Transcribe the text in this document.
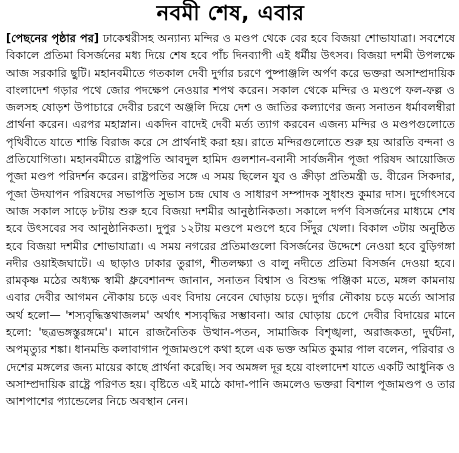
নবমী শেষ, এবার

[পেছনের পৃষ্ঠার পর] ঢাকেশ্বরীসহ অন্যান্য মন্দির ও মণ্ডপ থেকে বের হবে বিজয়া শোভাযাত্রা। সবশেষে বিকালে প্রতিমা বিসর্জনের মধ্য দিয়ে শেষ হবে পাঁচ দিনব্যাপী এই ধর্মীয় উৎসব। বিজয়া দশমী উপলক্ষে আজ সরকারি ছুটি। মহানবমীতে গতকাল দেবী দুর্গার চরণে পুষ্পাঞ্জলি অর্পণ করে ভক্তরা অসাম্প্রদায়িক বাংলাদেশ গড়ার পথে জোর পদক্ষেপ নেওয়ার শপথ করেন। সকাল থেকে মন্দির ও মণ্ডপে ফল-ফল্ল ও জলসহ ষোড়শ উপাচারে দেবীর চরণে অঞ্জলি দিয়ে দেশ ও জাতির কল্যাণের জন্য সনাতন ধর্মাবলম্বীরা প্রার্থনা করেন। এরপর মহাস্নান। একদিন বাদেই দেবী মর্ত্য ত্যাগ করবেন এজন্য মন্দির ও মণ্ডপগুলোতে পৃথিবীতে যাতে শান্তি বিরাজ করে সে প্রার্থনাই করা হয়। রাতে মন্দিরগুলোতে শুরু হয় আরতি বন্দনা ও প্রতিযোগিতা। মহানবমীতে রাষ্ট্রপতি আবদুল হামিদ গুলশান-বনানী সার্বজনীন পূজা পরিষদ আয়োজিত পূজা মণ্ডপ পরিদর্শন করেন। রাষ্ট্রপতির সঙ্গে এ সময় ছিলেন যুব ও ক্রীড়া প্রতিমন্ত্রী ড. বীরেন সিকদার, পূজা উদযাপন পরিষদের সভাপতি সুভাস চন্দ্র ঘোষ ও সাধারণ সম্পাদক সুধাংশু কুমার দাস। দুর্গোৎসবে আজ সকাল সাড়ে ৮টায় শুরু হবে বিজয়া দশমীর আনুষ্ঠানিকতা। সকালে দর্পণ বিসর্জনের মাধ্যমে শেষ হবে উৎসবের সব আনুষ্ঠানিকতা। দুপুর ১২টায় মণ্ডপে মণ্ডপে হবে সিঁদুর খেলা। বিকাল ৩টায় অনুষ্ঠিত হবে বিজয়া দশমীর শোভাযাত্রা। এ সময় নগরের প্রতিমাগুলো বিসর্জনের উদ্দেশে নেওয়া হবে বুড়িগঙ্গা নদীর ওয়াইজঘাটে। এ ছাড়াও ঢাকার তুরাগ, শীতলক্ষ্যা ও বালু নদীতে প্রতিমা বিসর্জন দেওয়া হবে। রামকৃষ্ণ মঠের অধ্যক্ষ স্বামী ধ্রুবেশানন্দ জানান, সনাতন বিশ্বাস ও বিশুদ্ধ পঞ্জিকা মতে, মঙ্গল কামনায় এবার দেবীর আগমন নৌকায় চড়ে এবং বিদায় নেবেন ঘোড়ায় চড়ে। দুর্গার নৌকায় চড়ে মর্ত্যে আসার অর্থ হলো— 'শস্যবৃদ্ধিস্তথাজলম' অর্থাৎ শস্যবৃদ্ধির সম্ভাবনা। আর ঘোড়ায় চেপে দেবীর বিদায়ের মানে হলো: 'ছত্রভঙ্গস্তুরঙ্গমে'। মানে রাজনৈতিক উত্থান-পতন, সামাজিক বিশৃঙ্খলা, অরাজকতা, দুর্ঘটনা, অপমৃত্যুর শঙ্কা। ধানমন্ডি কলাবাগান পূজামণ্ডপে কথা হলে এক ভক্ত অমিত কুমার পাল বলেন, পরিবার ও দেশের মঙ্গলের জন্য মায়ের কাছে প্রার্থনা করেছি। সব অমঙ্গল দূর হয়ে বাংলাদেশ যাতে একটি আধুনিক ও অসাম্প্রদায়িক রাষ্ট্রে পরিণত হয়। বৃষ্টিতে এই মাঠে কাদা-পানি জমলেও ভক্তরা বিশাল পূজামণ্ডপ ও তার আশপাশের প্যান্ডেলের নিচে অবস্থান নেন।
